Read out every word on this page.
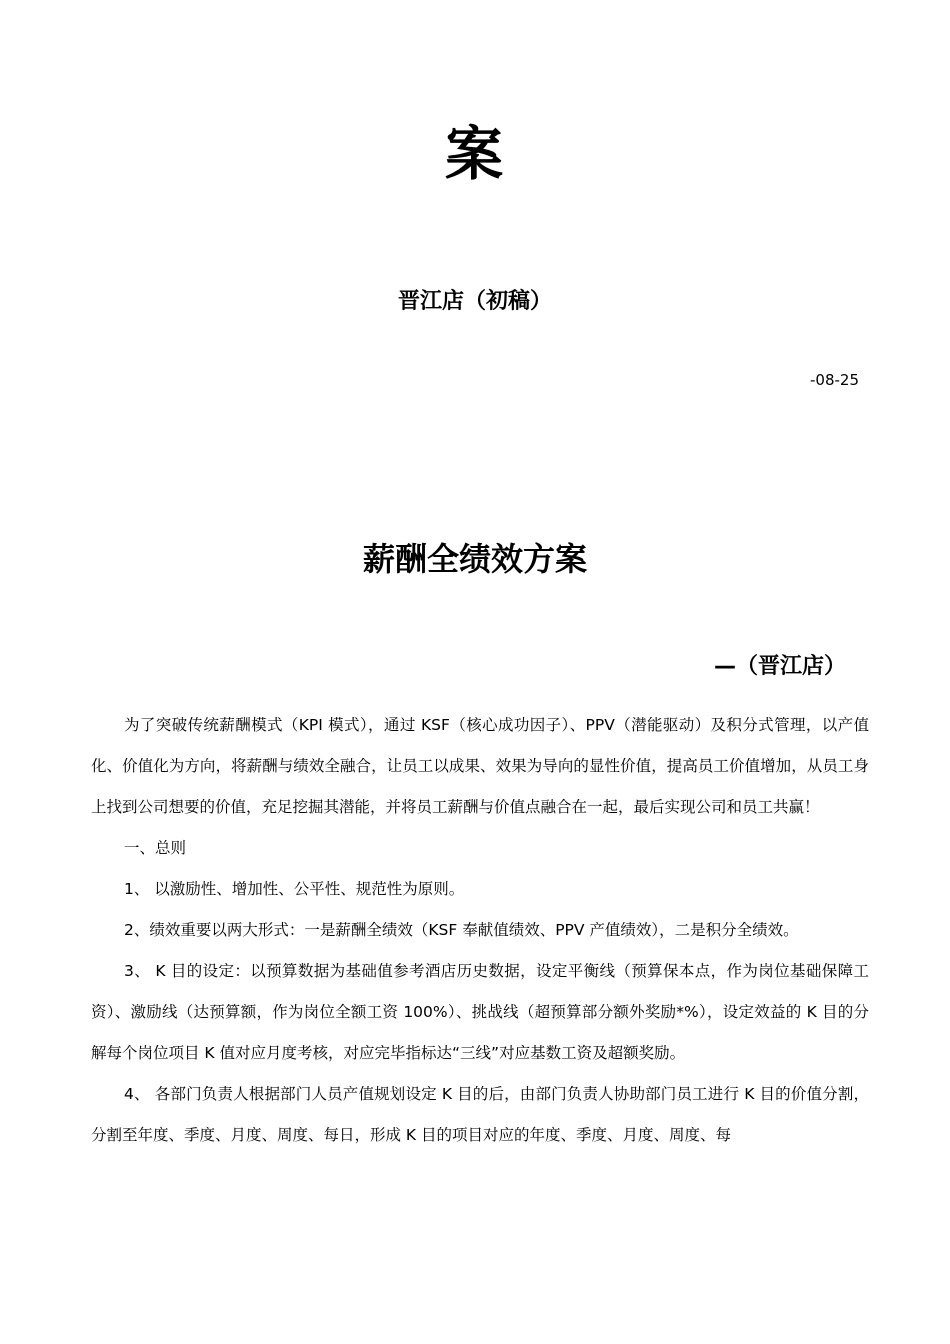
案
晋江店（初稿）
-08-25
薪酬全绩效方案
—（晋江店）

为了突破传统薪酬模式（KPI 模式），通过 KSF（核心成功因子）、PPV（潜能驱动）及积分式管理，以产值化、价值化为方向，将薪酬与绩效全融合，让员工以成果、效果为导向的显性价值，提高员工价值增加，从员工身上找到公司想要的价值，充足挖掘其潜能，并将员工薪酬与价值点融合在一起，最后实现公司和员工共赢！

一、总则

1、 以激励性、增加性、公平性、规范性为原则。

2、绩效重要以两大形式：一是薪酬全绩效（KSF 奉献值绩效、PPV 产值绩效），二是积分全绩效。

3、 K 目的设定：以预算数据为基础值参考酒店历史数据，设定平衡线（预算保本点，作为岗位基础保障工资）、激励线（达预算额，作为岗位全额工资 100%）、挑战线（超预算部分额外奖励*%），设定效益的 K 目的分解每个岗位项目 K 值对应月度考核，对应完毕指标达“三线”对应基数工资及超额奖励。

4、 各部门负责人根据部门人员产值规划设定 K 目的后，由部门负责人协助部门员工进行 K 目的价值分割，分割至年度、季度、月度、周度、每日，形成 K 目的项目对应的年度、季度、月度、周度、每
